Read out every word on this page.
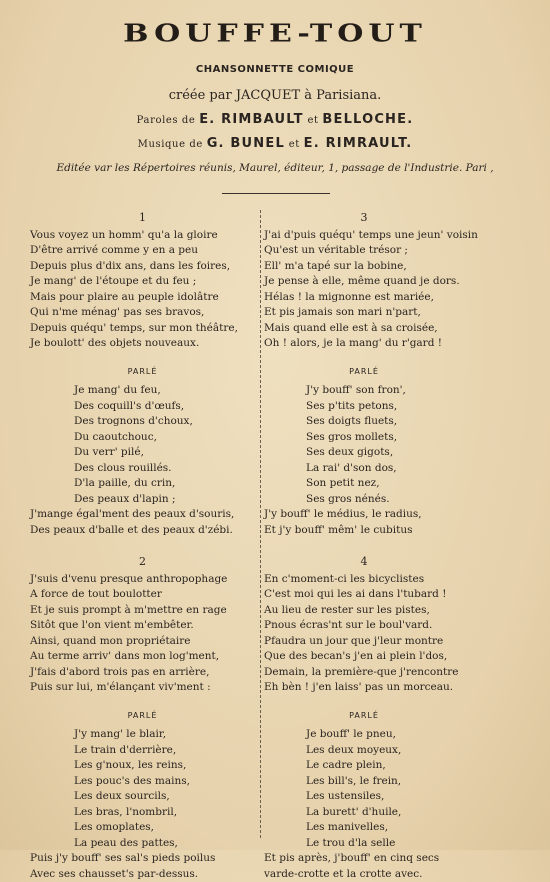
BOUFFE-TOUT
CHANSONNETTE COMIQUE
créée par JACQUET à Parisiana.
Paroles de E. RIMBAULT et BELLOCHE.
Musique de G. BUNEL et E. RIMRAULT.
Editée var les Répertoires réunis, Maurel, éditeur, 1, passage de l'Industrie. Pari ,
1
Vous voyez un homm' qu'a la gloire
D'être arrivé comme y en a peu
Depuis plus d'dix ans, dans les foires,
Je mang' de l'étoupe et du feu ;
Mais pour plaire au peuple idolâtre
Qui n'me ménag' pas ses bravos,
Depuis quéqu' temps, sur mon théâtre,
Je boulott' des objets nouveaux.
PARLÉ
Je mang' du feu,
Des coquill's d'œufs,
Des trognons d'choux,
Du caoutchouc,
Du verr' pilé,
Des clous rouillés.
D'la paille, du crin,
Des peaux d'lapin ;
J'mange égal'ment des peaux d'souris,
Des peaux d'balle et des peaux d'zébi.
2
J'suis d'venu presque anthropophage
A force de tout boulotter
Et je suis prompt à m'mettre en rage
Sitôt que l'on vient m'embêter.
Ainsi, quand mon propriétaire
Au terme arriv' dans mon log'ment,
J'fais d'abord trois pas en arrière,
Puis sur lui, m'élançant viv'ment :
PARLÉ
J'y mang' le blair,
Le train d'derrière,
Les g'noux, les reins,
Les pouc's des mains,
Les deux sourcils,
Les bras, l'nombril,
Les omoplates,
La peau des pattes,
Puis j'y bouff' ses sal's pieds poilus
Avec ses chausset's par-dessus.
3
J'ai d'puis quéqu' temps une jeun' voisin
Qu'est un véritable trésor ;
Ell' m'a tapé sur la bobine,
Je pense à elle, même quand je dors.
Hélas ! la mignonne est mariée,
Et pis jamais son mari n'part,
Mais quand elle est à sa croisée,
Oh ! alors, je la mang' du r'gard !
PARLÉ
J'y bouff' son fron',
Ses p'tits petons,
Ses doigts fluets,
Ses gros mollets,
Ses deux gigots,
La rai' d'son dos,
Son petit nez,
Ses gros nénés.
J'y bouff' le médius, le radius,
Et j'y bouff' mêm' le cubitus
4
En c'moment-ci les bicyclistes
C'est moi qui les ai dans l'tubard !
Au lieu de rester sur les pistes,
Pnous écras'nt sur le boul'vard.
Pfaudra un jour que j'leur montre
Que des becan's j'en ai plein l'dos,
Demain, la première-que j'rencontre
Eh bèn ! j'en laiss' pas un morceau.
PARLÉ
Je bouff' le pneu,
Les deux moyeux,
Le cadre plein,
Les bill's, le frein,
Les ustensiles,
La burett' d'huile,
Les manivelles,
Le trou d'la selle
Et pis après, j'bouff' en cinq secs
varde-crotte et la crotte avec.
